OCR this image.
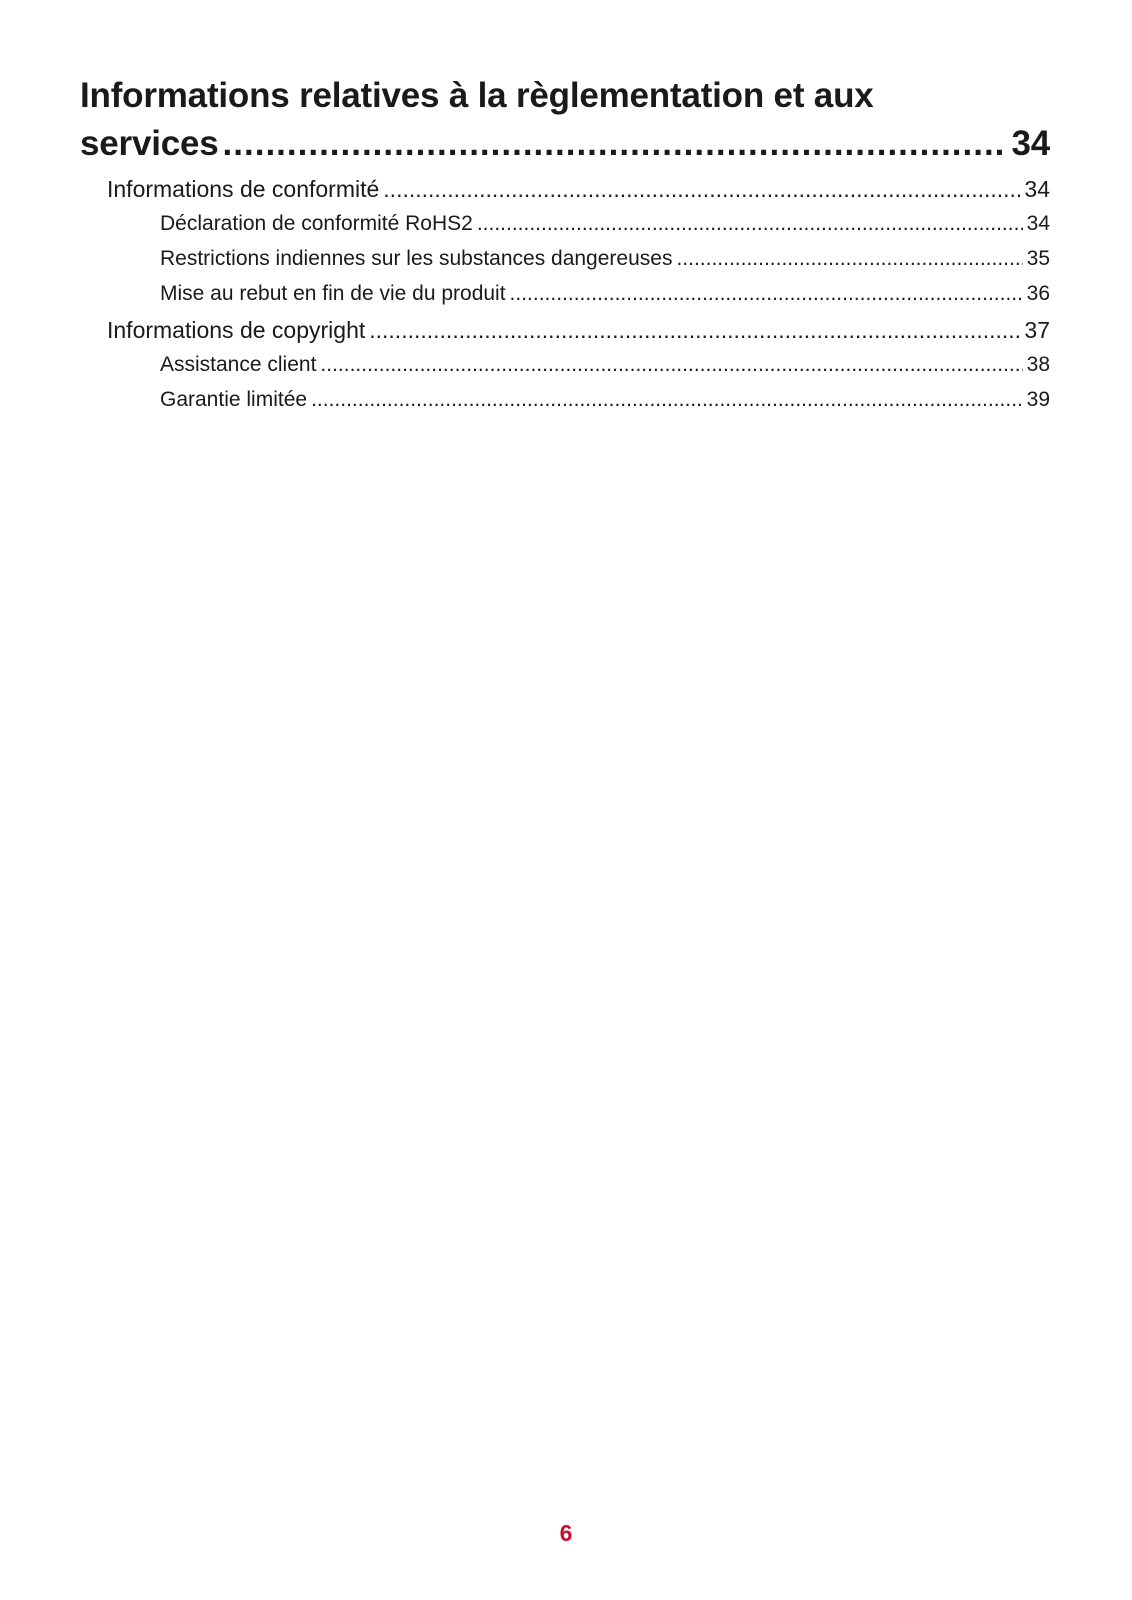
Informations relatives à la règlementation et aux
services .....	34
Informations de conformité .....	34
Déclaration de conformité RoHS2 .....	34
Restrictions indiennes sur les substances dangereuses .....	35
Mise au rebut en fin de vie du produit .....	36
Informations de copyright .....	37
Assistance client .....	38
Garantie limitée .....	39
6
